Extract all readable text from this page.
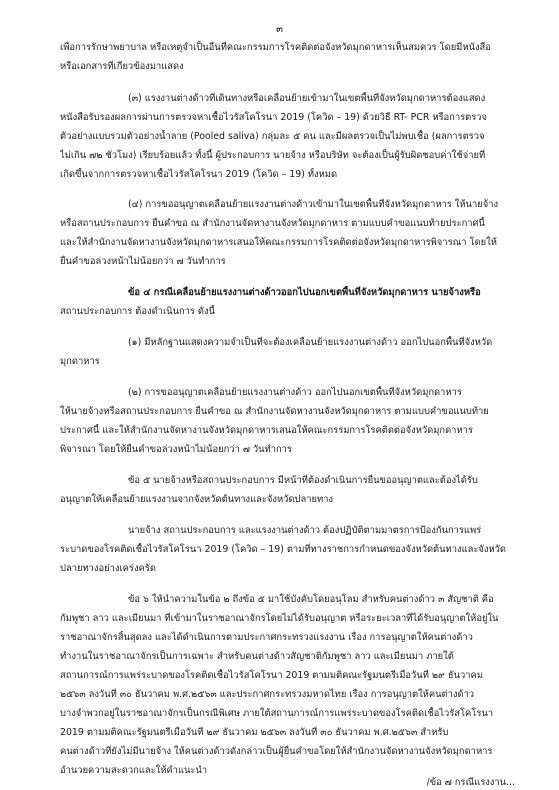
๓
เพื่อการรักษาพยาบาล หรือเหตุจำเป็นอื่นที่คณะกรรมการโรคติดต่อจังหวัดมุกดาหารเห็นสมควร โดยมีหนังสือ
หรือเอกสารที่เกี่ยวข้องมาแสดง
(๓) แรงงานต่างด้าวที่เดินทางหรือเคลื่อนย้ายเข้ามาในเขตพื้นที่จังหวัดมุกดาหารต้องแสดง
หนังสือรับรองผลการผ่านการตรวจหาเชื้อไวรัสโคโรนา 2019 (โควิด – 19) ด้วยวิธี RT- PCR หรือการตรวจ
ตัวอย่างแบบรวมตัวอย่างน้ำลาย (Pooled saliva) กลุ่มละ ๕ คน และมีผลตรวจเป็นไม่พบเชื้อ (ผลการตรวจ
ไม่เกิน ๗๒ ชั่วโมง) เรียบร้อยแล้ว ทั้งนี้ ผู้ประกอบการ นายจ้าง หรือบริษัท จะต้องเป็นผู้รับผิดชอบค่าใช้จ่ายที่
เกิดขึ้นจากการตรวจหาเชื้อไวรัสโคโรนา 2019 (โควิด – 19) ทั้งหมด
(๔) การขออนุญาตเคลื่อนย้ายแรงงานต่างด้าวเข้ามาในเขตพื้นที่จังหวัดมุกดาหาร ให้นายจ้าง
หรือสถานประกอบการ ยื่นคำขอ ณ สำนักงานจัดหางานจังหวัดมุกดาหาร ตามแบบคำขอแนบท้ายประกาศนี้
และให้สำนักงานจัดหางานจังหวัดมุกดาหารเสนอให้คณะกรรมการโรคติดต่อจังหวัดมุกดาหารพิจารณา โดยให้
ยื่นคำขอล่วงหน้าไม่น้อยกว่า ๗ วันทำการ
ข้อ ๔ กรณีเคลื่อนย้ายแรงงานต่างด้าวออกไปนอกเขตพื้นที่จังหวัดมุกดาหาร นายจ้างหรือ
สถานประกอบการ ต้องดำเนินการ ดังนี้
(๑) มีหลักฐานแสดงความจำเป็นที่จะต้องเคลื่อนย้ายแรงงานต่างด้าว ออกไปนอกพื้นที่จังหวัด
มุกดาหาร
(๒) การขออนุญาตเคลื่อนย้ายแรงงานต่างด้าว ออกไปนอกเขตพื้นที่จังหวัดมุกดาหาร
ให้นายจ้างหรือสถานประกอบการ ยื่นคำขอ ณ สำนักงานจัดหางานจังหวัดมุกดาหาร ตามแบบคำขอแนบท้าย
ประกาศนี้ และให้สำนักงานจัดหางานจังหวัดมุกดาหารเสนอให้คณะกรรมการโรคติดต่อจังหวัดมุกดาหาร
พิจารณา โดยให้ยื่นคำขอล่วงหน้าไม่น้อยกว่า ๗ วันทำการ
ข้อ ๕ นายจ้างหรือสถานประกอบการ มีหน้าที่ต้องดำเนินการยื่นขออนุญาตและต้องได้รับ
อนุญาตให้เคลื่อนย้ายแรงงานจากจังหวัดต้นทางและจังหวัดปลายทาง
นายจ้าง สถานประกอบการ และแรงงานต่างด้าว ต้องปฏิบัติตามมาตรการป้องกันการแพร่
ระบาดของโรคติดเชื้อไวรัสโคโรนา 2019 (โควิด – 19) ตามที่ทางราชการกำหนดของจังหวัดต้นทางและจังหวัด
ปลายทางอย่างเคร่งครัด
ข้อ ๖ ให้นำความในข้อ ๒ ถึงข้อ ๕ มาใช้บังคับโดยอนุโลม สำหรับคนต่างด้าว ๓ สัญชาติ คือ
กัมพูชา ลาว และเมียนมา ที่เข้ามาในราชอาณาจักรโดยไม่ได้รับอนุญาต หรือระยะเวลาที่ได้รับอนุญาตให้อยู่ใน
ราชอาณาจักรสิ้นสุดลง และได้ดำเนินการตามประกาศกระทรวงแรงงาน เรื่อง การอนุญาตให้คนต่างด้าว
ทำงานในราชอาณาจักรเป็นการเฉพาะ สำหรับคนต่างด้าวสัญชาติกัมพูชา ลาว และเมียนมา ภายใต้
สถานการณ์การแพร่ระบาดของโรคติดเชื้อไวรัสโคโรนา 2019 ตามมติคณะรัฐมนตรีเมื่อวันที่ ๒๙ ธันวาคม
๒๕๖๓ ลงวันที่ ๓๐ ธันวาคม พ.ศ.๒๕๖๓ และประกาศกระทรวงมหาดไทย เรื่อง การอนุญาตให้คนต่างด้าว
บางจำพวกอยู่ในราชอาณาจักรเป็นกรณีพิเศษ ภายใต้สถานการณ์การแพร่ระบาดของโรคติดเชื้อไวรัสโคโรนา
2019 ตามมติคณะรัฐมนตรีเมื่อวันที่ ๒๙ ธันวาคม ๒๕๖๓ ลงวันที่ ๓๐ ธันวาคม พ.ศ.๒๕๖๓ สำหรับ
คนต่างด้าวที่ยังไม่มีนายจ้าง ให้คนต่างด้าวดังกล่าวเป็นผู้ยื่นคำขอโดยให้สำนักงานจัดหางานจังหวัดมุกดาหาร
อำนวยความสะดวกและให้คำแนะนำ
/ข้อ ๗ กรณีแรงงาน...
